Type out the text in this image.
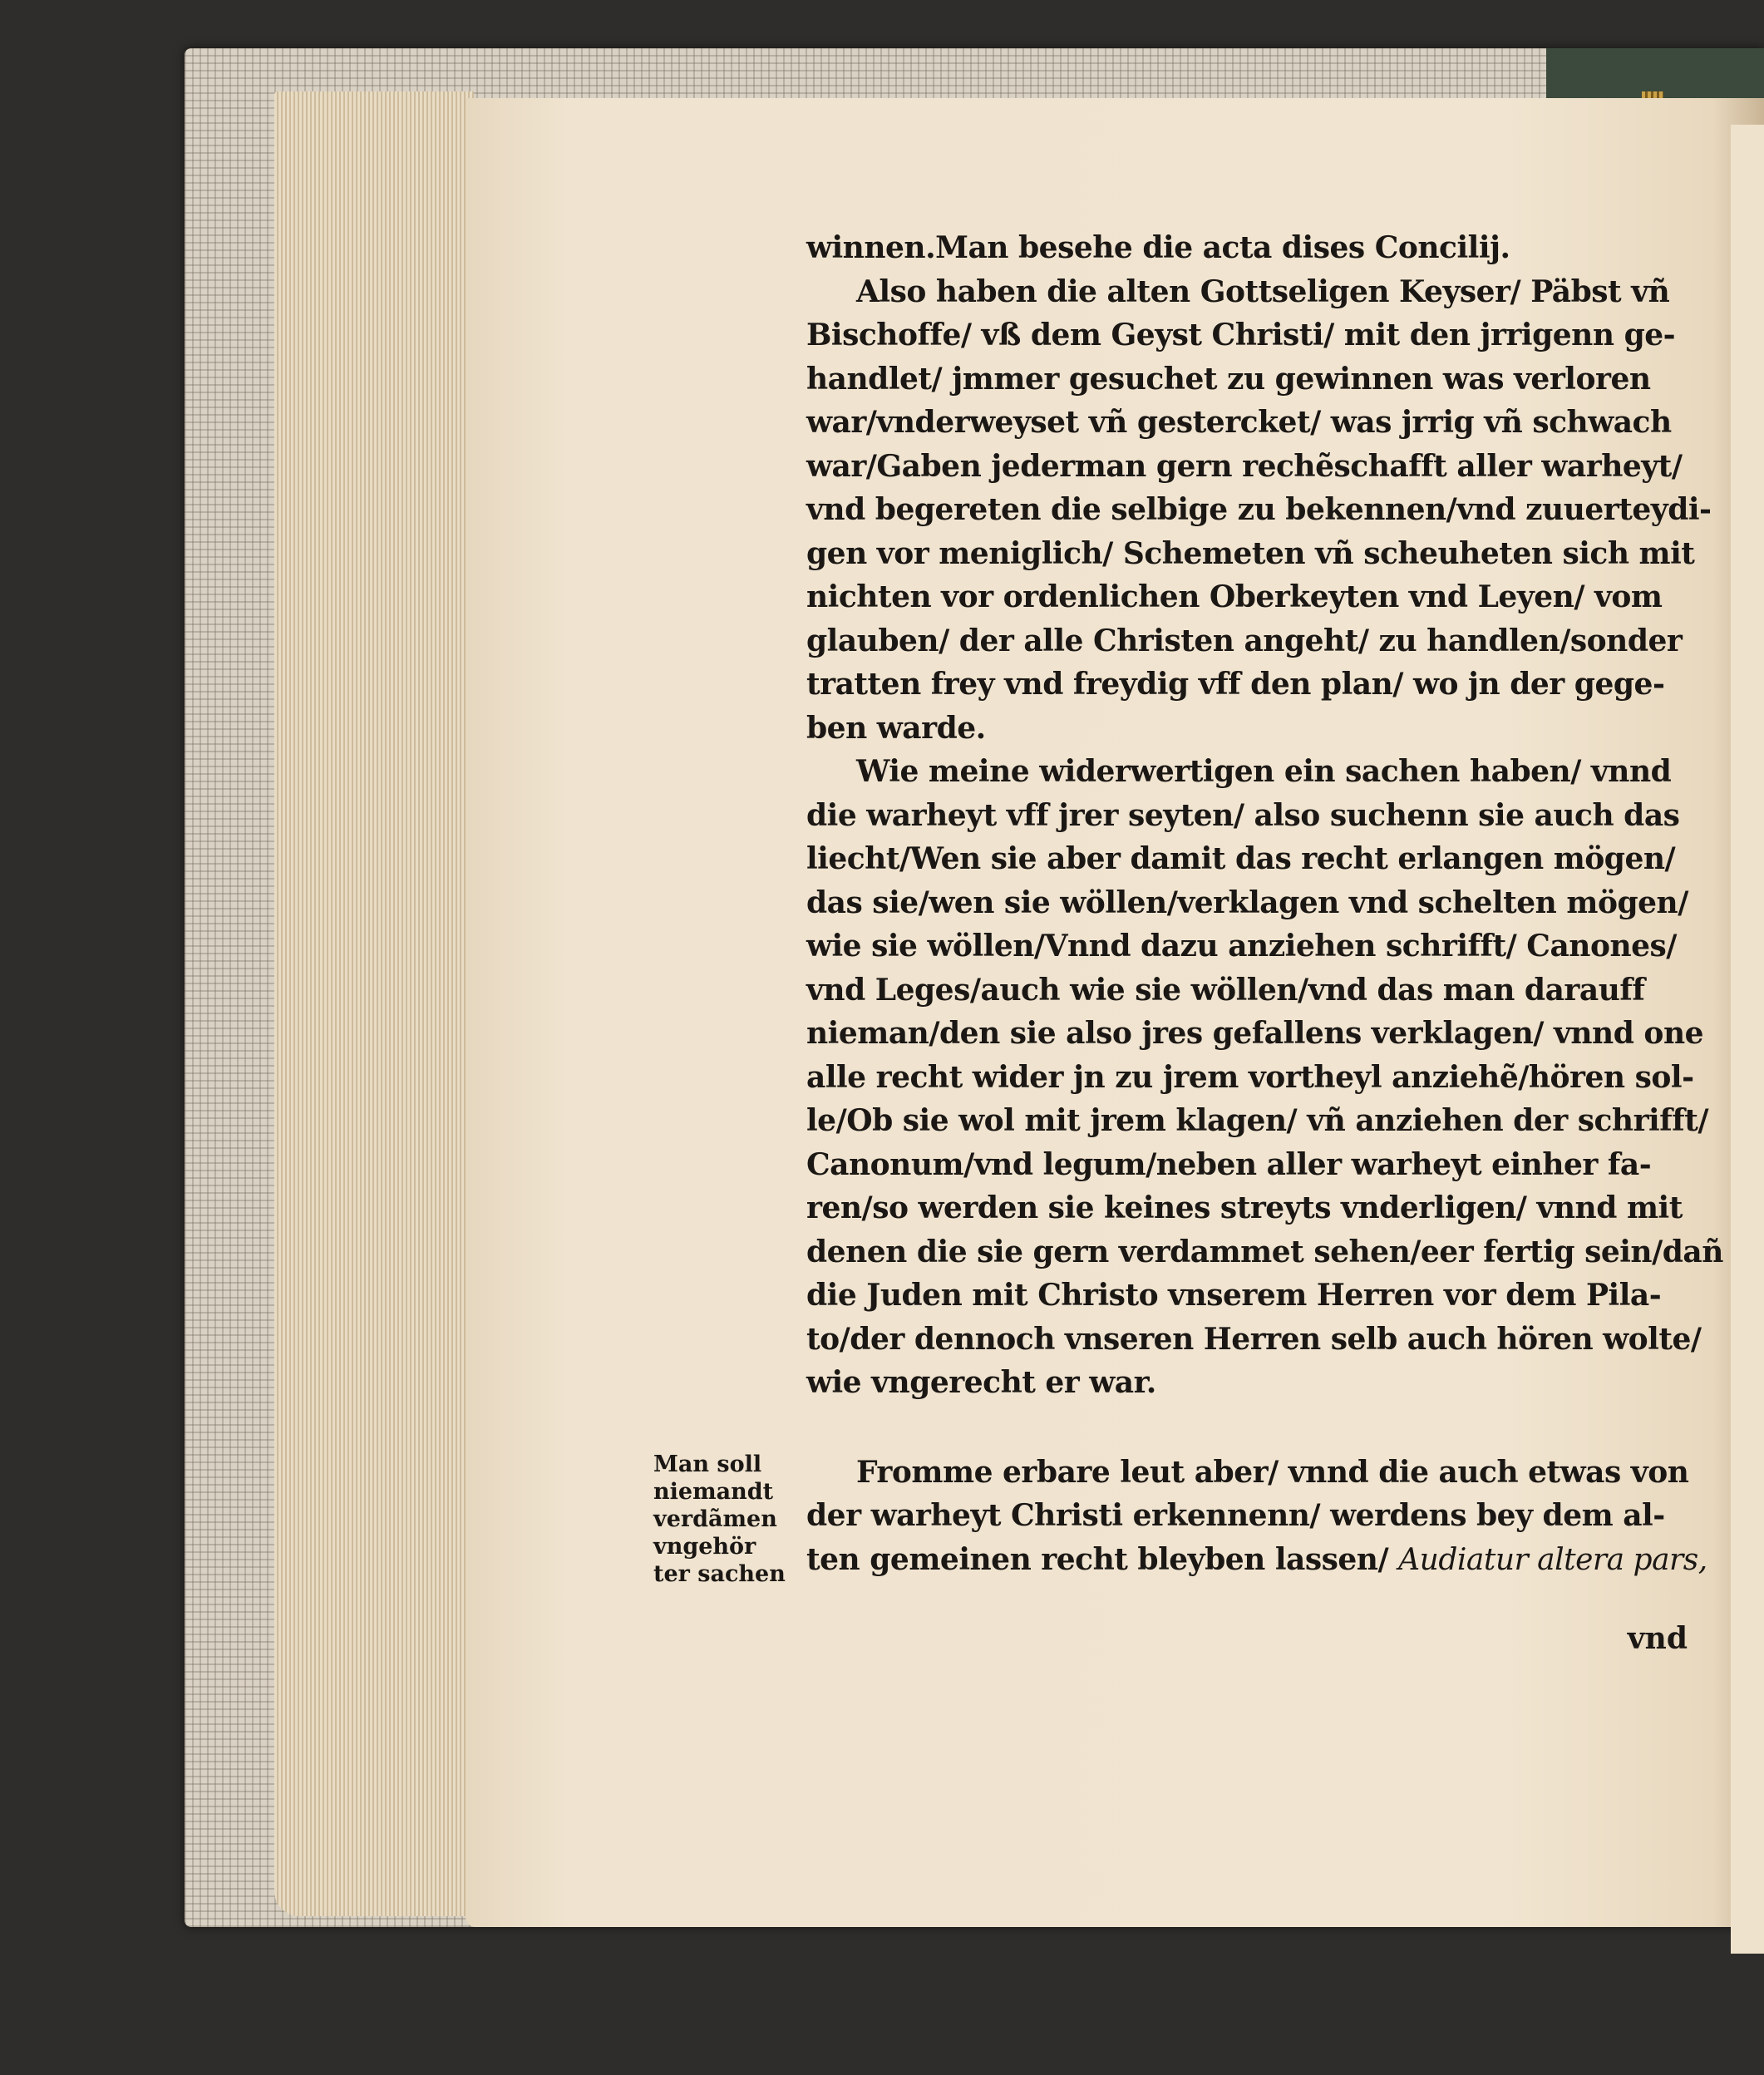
winnen.Man besehe die acta dises Concilij.
Also haben die alten Gottseligen Keyser/ Päbst vñ
Bischoffe/ vß dem Geyst Christi/ mit den jrrigenn ge-
handlet/ jmmer gesuchet zu gewinnen was verloren
war/vnderweyset vñ gestercket/ was jrrig vñ schwach
war/Gaben jederman gern rechẽschafft aller warheyt/
vnd begereten die selbige zu bekennen/vnd zuuerteydi-
gen vor meniglich/ Schemeten vñ scheuheten sich mit
nichten vor ordenlichen Oberkeyten vnd Leyen/ vom
glauben/ der alle Christen angeht/ zu handlen/sonder
tratten frey vnd freydig vff den plan/ wo jn der gege-
ben warde.
Wie meine widerwertigen ein sachen haben/ vnnd
die warheyt vff jrer seyten/ also suchenn sie auch das
liecht/Wen sie aber damit das recht erlangen mögen/
das sie/wen sie wöllen/verklagen vnd schelten mögen/
wie sie wöllen/Vnnd dazu anziehen schrifft/ Canones/
vnd Leges/auch wie sie wöllen/vnd das man darauff
nieman/den sie also jres gefallens verklagen/ vnnd one
alle recht wider jn zu jrem vortheyl anziehẽ/hören sol-
le/Ob sie wol mit jrem klagen/ vñ anziehen der schrifft/
Canonum/vnd legum/neben aller warheyt einher fa-
ren/so werden sie keines streyts vnderligen/ vnnd mit
denen die sie gern verdammet sehen/eer fertig sein/dañ
die Juden mit Christo vnserem Herren vor dem Pila-
to/der dennoch vnseren Herren selb auch hören wolte/
wie vngerecht er war.
Fromme erbare leut aber/ vnnd die auch etwas von
der warheyt Christi erkennenn/ werdens bey dem al-
ten gemeinen recht bleyben lassen/ Audiatur altera pars,
vnd
Man soll
niemandt
verdãmen
vngehör
ter sachen
